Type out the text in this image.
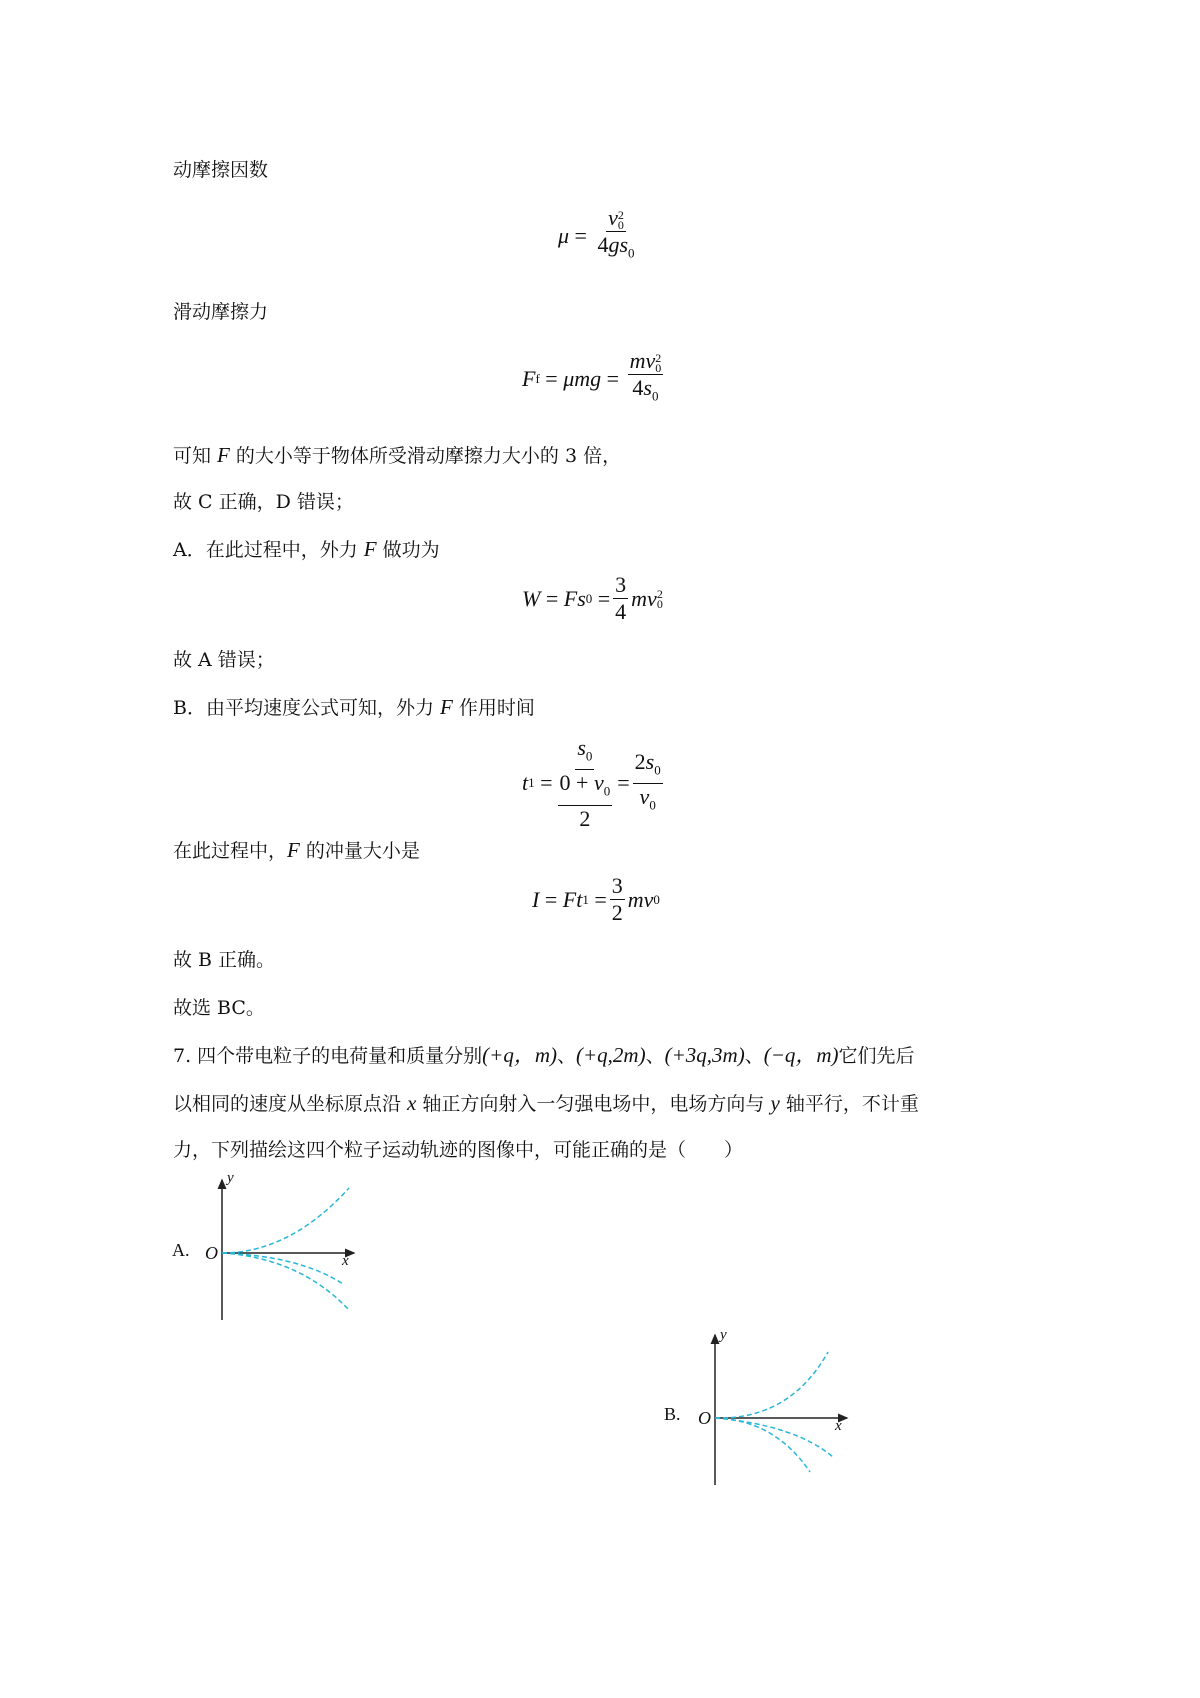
动摩擦因数
μ = v 2
0
$4gs_0$
滑动摩擦力
F f = μmg = mv 2
0
$4s_0$
可知 F 的大小等于物体所受滑动摩擦力大小的 3 倍，
故 C 正确，D 错误；
A．在此过程中，外力 F 做功为
W = Fs $0 = \frac{3}{4}$ mv 2
0
故 A 错误；
B．由平均速度公式可知，外力 F 作用时间
t $1 = \frac{s_0}{\frac{0 + v_0}{2}} = \frac{2s_0}{v_0}$
在此过程中，F 的冲量大小是
I = Ft $1 = \frac{3}{2}$ mv 0
故 B 正确。
故选 BC。
7. 四个带电粒子的电荷量和质量分别(+q，m)、(+q,2m)、(+3q,3m)、(−q，m)它们先后
以相同的速度从坐标原点沿 x 轴正方向射入一匀强电场中，电场方向与 y 轴平行，不计重
力，下列描绘这四个粒子运动轨迹的图像中，可能正确的是（　　）
A. O	x
y
B. O	x
y
